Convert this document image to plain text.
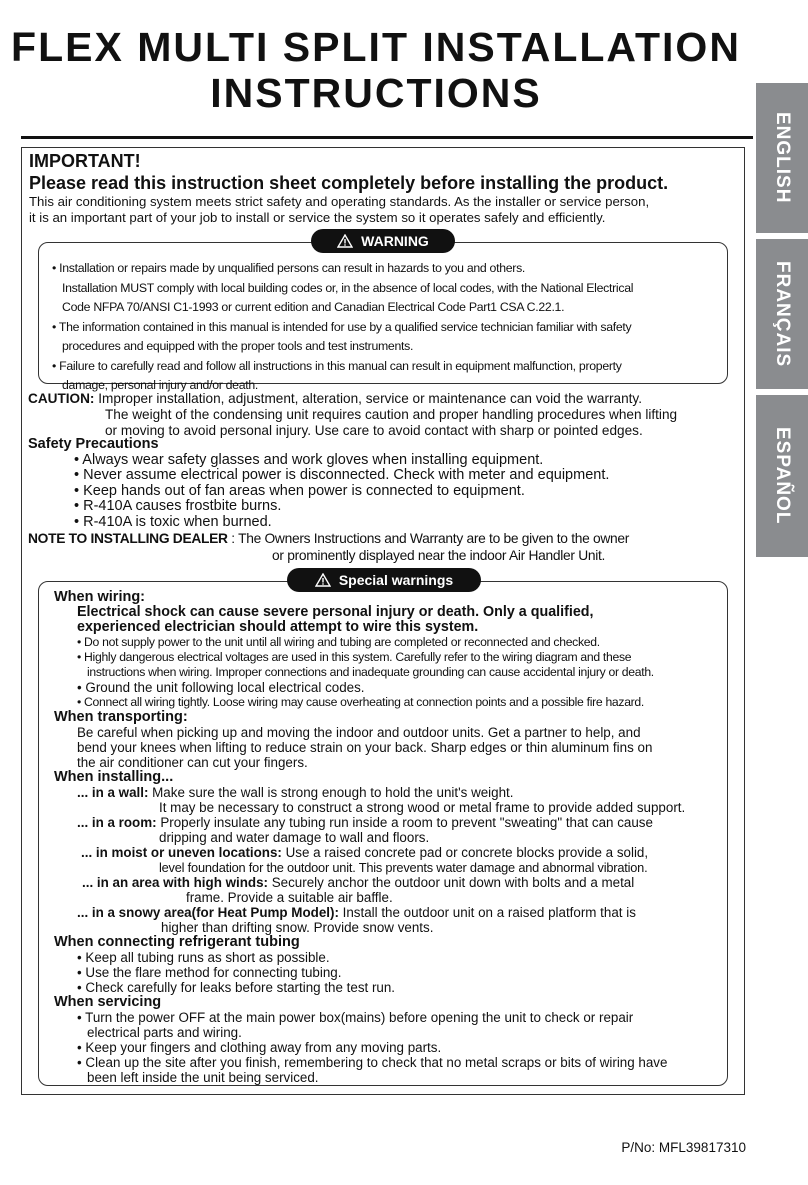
FLEX MULTI SPLIT INSTALLATION
INSTRUCTIONS
ENGLISH
FRANÇAIS
ESPAÑOL
IMPORTANT!
Please read this instruction sheet completely before installing the product.

This air conditioning system meets strict safety and operating standards. As the installer or service person,

it is an important part of your job to install or service the system so it operates safely and efficiently.

WARNING
• Installation or repairs made by unqualified persons can result in hazards to you and others.
Installation MUST comply with local building codes or, in the absence of local codes, with the National Electrical
Code NFPA 70/ANSI C1-1993 or current edition and Canadian Electrical Code Part1 CSA C.22.1.
• The information contained in this manual is intended for use by a qualified service technician familiar with safety
procedures and equipped with the proper tools and test instruments.
• Failure to carefully read and follow all instructions in this manual can result in equipment malfunction, property
damage, personal injury and/or death.
CAUTION: Improper installation, adjustment, alteration, service or maintenance can void the warranty.
The weight of the condensing unit requires caution and proper handling procedures when lifting
or moving to avoid personal injury. Use care to avoid contact with sharp or pointed edges.
Safety Precautions
• Always wear safety glasses and work gloves when installing equipment.
• Never assume electrical power is disconnected. Check with meter and equipment.
• Keep hands out of fan areas when power is connected to equipment.
• R-410A causes frostbite burns.
• R-410A is toxic when burned.
NOTE TO INSTALLING DEALER : The Owners Instructions and Warranty are to be given to the owner
or prominently displayed near the indoor Air Handler Unit.
Special warnings
When wiring:
Electrical shock can cause severe personal injury or death. Only a qualified,
experienced electrician should attempt to wire this system.
• Do not supply power to the unit until all wiring and tubing are completed or reconnected and checked.
• Highly dangerous electrical voltages are used in this system. Carefully refer to the wiring diagram and these
instructions when wiring. Improper connections and inadequate grounding can cause accidental injury or death.
• Ground the unit following local electrical codes.
• Connect all wiring tightly. Loose wiring may cause overheating at connection points and a possible fire hazard.
When transporting:
Be careful when picking up and moving the indoor and outdoor units. Get a partner to help, and
bend your knees when lifting to reduce strain on your back. Sharp edges or thin aluminum fins on
the air conditioner can cut your fingers.
When installing...
... in a wall: Make sure the wall is strong enough to hold the unit's weight.
It may be necessary to construct a strong wood or metal frame to provide added support.
... in a room: Properly insulate any tubing run inside a room to prevent "sweating" that can cause
dripping and water damage to wall and floors.
... in moist or uneven locations: Use a raised concrete pad or concrete blocks provide a solid,
level foundation for the outdoor unit. This prevents water damage and abnormal vibration.
... in an area with high winds: Securely anchor the outdoor unit down with bolts and a metal
frame. Provide a suitable air baffle.
... in a snowy area(for Heat Pump Model): Install the outdoor unit on a raised platform that is
higher than drifting snow. Provide snow vents.
When connecting refrigerant tubing
• Keep all tubing runs as short as possible.
• Use the flare method for connecting tubing.
• Check carefully for leaks before starting the test run.
When servicing
• Turn the power OFF at the main power box(mains) before opening the unit to check or repair
electrical parts and wiring.
• Keep your fingers and clothing away from any moving parts.
• Clean up the site after you finish, remembering to check that no metal scraps or bits of wiring have
been left inside the unit being serviced.
P/No: MFL39817310
